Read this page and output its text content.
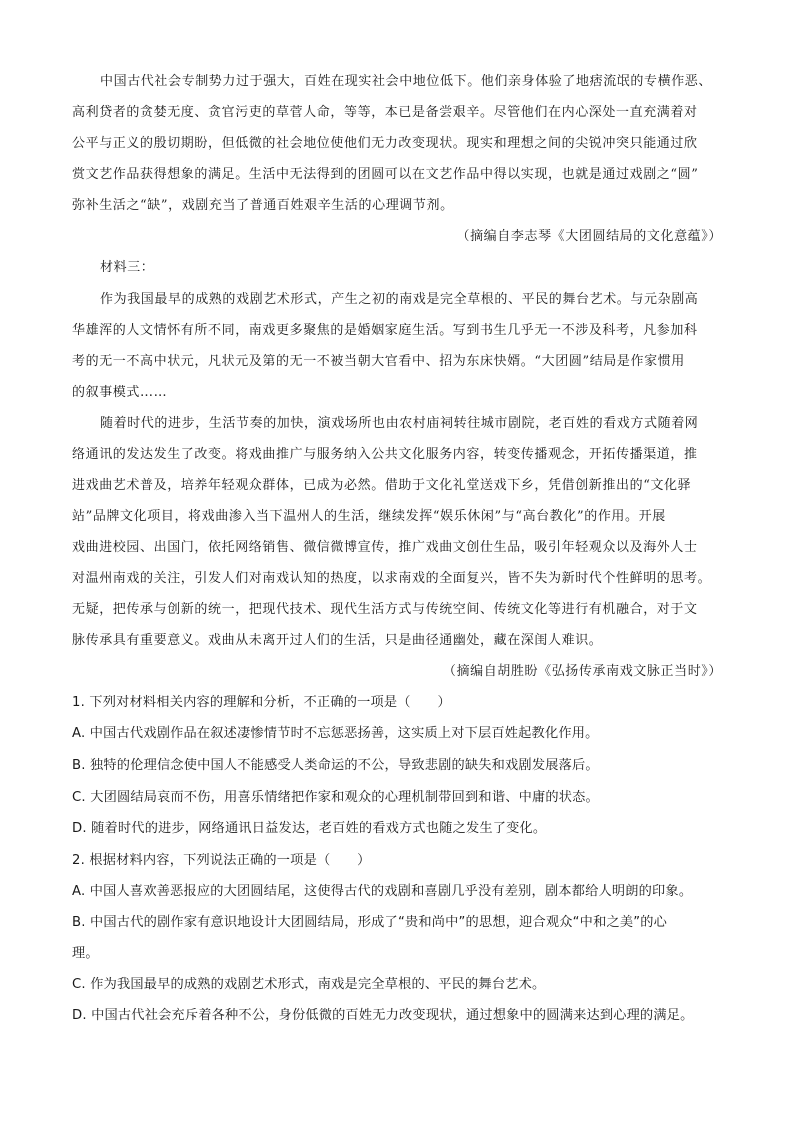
中国古代社会专制势力过于强大，百姓在现实社会中地位低下。他们亲身体验了地痞流氓的专横作恶、
高利贷者的贪婪无度、贪官污吏的草菅人命，等等，本已是备尝艰辛。尽管他们在内心深处一直充满着对
公平与正义的殷切期盼，但低微的社会地位使他们无力改变现状。现实和理想之间的尖锐冲突只能通过欣
赏文艺作品获得想象的满足。生活中无法得到的团圆可以在文艺作品中得以实现，也就是通过戏剧之“圆”
弥补生活之“缺”，戏剧充当了普通百姓艰辛生活的心理调节剂。
（摘编自李志琴《大团圆结局的文化意蕴》）
材料三：
作为我国最早的成熟的戏剧艺术形式，产生之初的南戏是完全草根的、平民的舞台艺术。与元杂剧高
华雄浑的人文情怀有所不同，南戏更多聚焦的是婚姻家庭生活。写到书生几乎无一不涉及科考，凡参加科
考的无一不高中状元，凡状元及第的无一不被当朝大官看中、招为东床快婿。“大团圆”结局是作家惯用
的叙事模式……
随着时代的进步，生活节奏的加快，演戏场所也由农村庙祠转往城市剧院，老百姓的看戏方式随着网
络通讯的发达发生了改变。将戏曲推广与服务纳入公共文化服务内容，转变传播观念，开拓传播渠道，推
进戏曲艺术普及，培养年轻观众群体，已成为必然。借助于文化礼堂送戏下乡，凭借创新推出的“文化驿
站”品牌文化项目，将戏曲渗入当下温州人的生活，继续发挥“娱乐休闲”与“高台教化”的作用。开展
戏曲进校园、出国门，依托网络销售、微信微博宣传，推广戏曲文创仕生品，吸引年轻观众以及海外人士
对温州南戏的关注，引发人们对南戏认知的热度，以求南戏的全面复兴，皆不失为新时代个性鲜明的思考。
无疑，把传承与创新的统一，把现代技术、现代生活方式与传统空间、传统文化等进行有机融合，对于文
脉传承具有重要意义。戏曲从未离开过人们的生活，只是曲径通幽处，藏在深闺人难识。
（摘编自胡胜盼《弘扬传承南戏文脉正当时》）
1. 下列对材料相关内容的理解和分析，不正确的一项是（　　）
A. 中国古代戏剧作品在叙述凄惨情节时不忘惩恶扬善，这实质上对下层百姓起教化作用。
B. 独特的伦理信念使中国人不能感受人类命运的不公，导致悲剧的缺失和戏剧发展落后。
C. 大团圆结局哀而不伤，用喜乐情绪把作家和观众的心理机制带回到和谐、中庸的状态。
D. 随着时代的进步，网络通讯日益发达，老百姓的看戏方式也随之发生了变化。
2. 根据材料内容，下列说法正确的一项是（　　）
A. 中国人喜欢善恶报应的大团圆结尾，这使得古代的戏剧和喜剧几乎没有差别，剧本都给人明朗的印象。
B. 中国古代的剧作家有意识地设计大团圆结局，形成了“贵和尚中”的思想，迎合观众“中和之美”的心
理。
C. 作为我国最早的成熟的戏剧艺术形式，南戏是完全草根的、平民的舞台艺术。
D. 中国古代社会充斥着各种不公，身份低微的百姓无力改变现状，通过想象中的圆满来达到心理的满足。
